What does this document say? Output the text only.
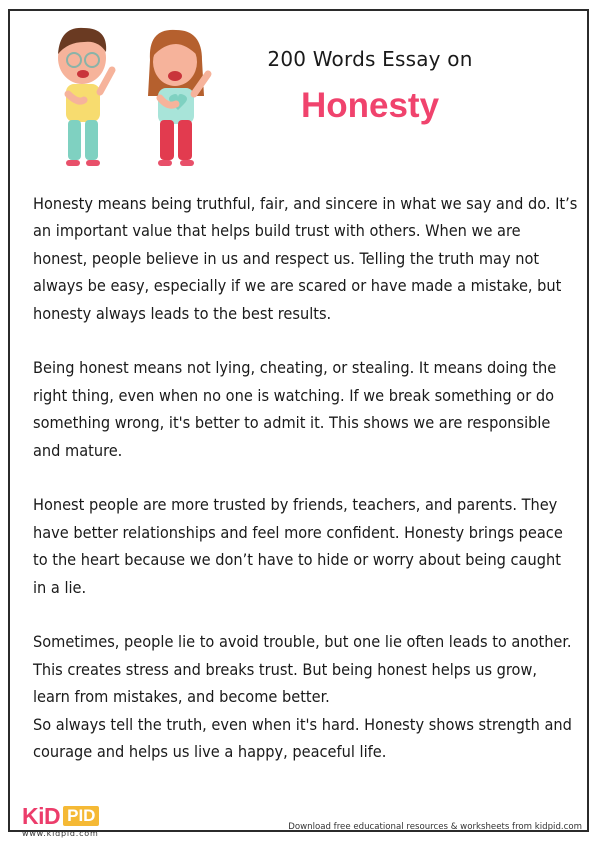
200 Words Essay on
Honesty

Honesty means being truthful, fair, and sincere in what we say and do. It’s an important value that helps build trust with others. When we are honest, people believe in us and respect us. Telling the truth may not always be easy, especially if we are scared or have made a mistake, but honesty always leads to the best results.

Being honest means not lying, cheating, or stealing. It means doing the right thing, even when no one is watching. If we break something or do something wrong, it's better to admit it. This shows we are responsible and mature.

Honest people are more trusted by friends, teachers, and parents. They have better relationships and feel more confident. Honesty brings peace to the heart because we don’t have to hide or worry about being caught in a lie.

Sometimes, people lie to avoid trouble, but one lie often leads to another. This creates stress and breaks trust. But being honest helps us grow, learn from mistakes, and become better.

So always tell the truth, even when it's hard. Honesty shows strength and courage and helps us live a happy, peaceful life.

KiD PID
www.kidpid.com
Download free educational resources & worksheets from kidpid.com
